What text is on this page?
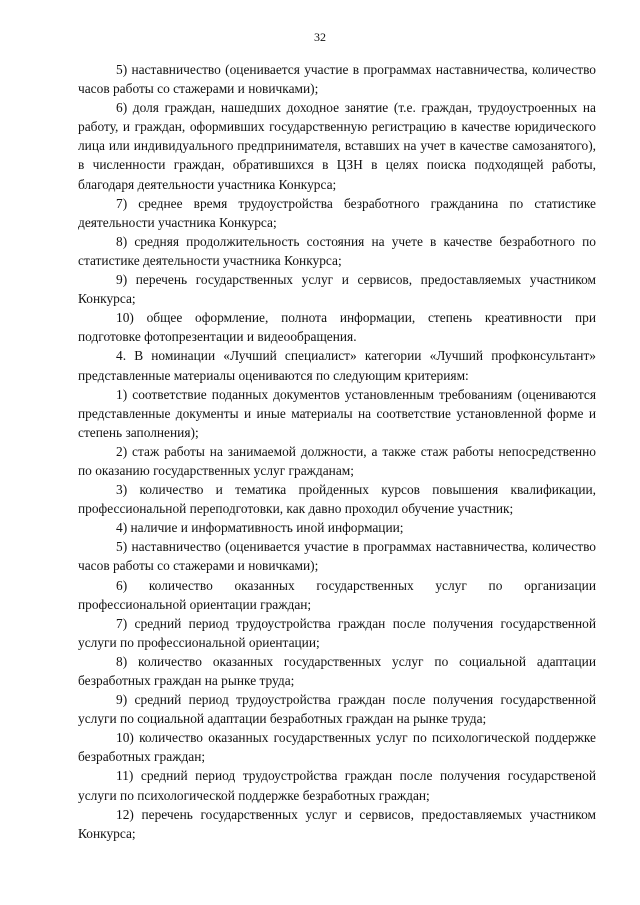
32

5) наставничество (оценивается участие в программах наставничества, количество часов работы со стажерами и новичками);

6) доля граждан, нашедших доходное занятие (т.е. граждан, трудоустроенных на работу, и граждан, оформивших государственную регистрацию в качестве юридического лица или индивидуального предпринимателя, вставших на учет в качестве самозанятого), в численности граждан, обратившихся в ЦЗН в целях поиска подходящей работы, благодаря деятельности участника Конкурса;

7) среднее время трудоустройства безработного гражданина по статистике деятельности участника Конкурса;

8) средняя продолжительность состояния на учете в качестве безработного по статистике деятельности участника Конкурса;

9) перечень государственных услуг и сервисов, предоставляемых участником Конкурса;

10) общее оформление, полнота информации, степень креативности при подготовке фотопрезентации и видеообращения.

4. В номинации «Лучший специалист» категории «Лучший профконсультант» представленные материалы оцениваются по следующим критериям:

1) соответствие поданных документов установленным требованиям (оцениваются представленные документы и иные материалы на соответствие установленной форме и степень заполнения);

2) стаж работы на занимаемой должности, а также стаж работы непосредственно по оказанию государственных услуг гражданам;

3) количество и тематика пройденных курсов повышения квалификации, профессиональной переподготовки, как давно проходил обучение участник;

4) наличие и информативность иной информации;

5) наставничество (оценивается участие в программах наставничества, количество часов работы со стажерами и новичками);

6) количество оказанных государственных услуг по организации профессиональной ориентации граждан;

7) средний период трудоустройства граждан после получения государственной услуги по профессиональной ориентации;

8) количество оказанных государственных услуг по социальной адаптации безработных граждан на рынке труда;

9) средний период трудоустройства граждан после получения государственной услуги по социальной адаптации безработных граждан на рынке труда;

10) количество оказанных государственных услуг по психологической поддержке безработных граждан;

11) средний период трудоустройства граждан после получения государственой услуги по психологической поддержке безработных граждан;

12) перечень государственных услуг и сервисов, предоставляемых участником Конкурса;
